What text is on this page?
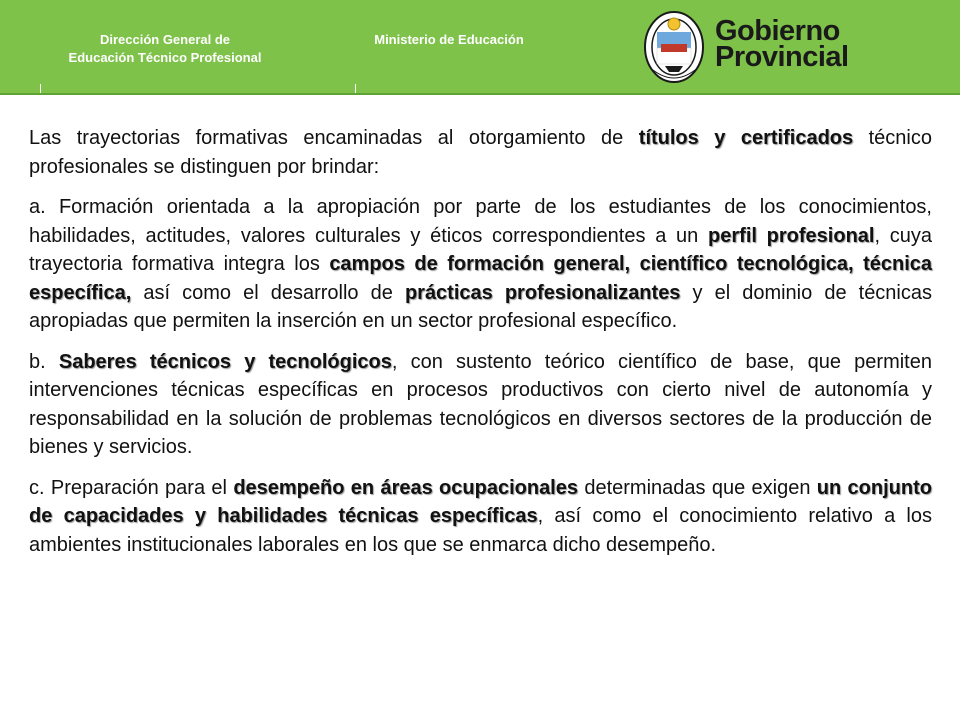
Dirección General de
Educación Técnico Profesional
Ministerio de Educación	Gobierno
Provincial

Las trayectorias formativas encaminadas al otorgamiento de títulos y certificados técnico profesionales se distinguen por brindar:

a. Formación orientada a la apropiación por parte de los estudiantes de los conocimientos, habilidades, actitudes, valores culturales y éticos correspondientes a un perfil profesional, cuya trayectoria formativa integra los campos de formación general, científico tecnológica, técnica específica, así como el desarrollo de prácticas profesionalizantes y el dominio de técnicas apropiadas que permiten la inserción en un sector profesional específico.

b. Saberes técnicos y tecnológicos, con sustento teórico científico de base, que permiten intervenciones técnicas específicas en procesos productivos con cierto nivel de autonomía y responsabilidad en la solución de problemas tecnológicos en diversos sectores de la producción de bienes y servicios.

c. Preparación para el desempeño en áreas ocupacionales determinadas que exigen un conjunto de capacidades y habilidades técnicas específicas, así como el conocimiento relativo a los ambientes institucionales laborales en los que se enmarca dicho desempeño.
